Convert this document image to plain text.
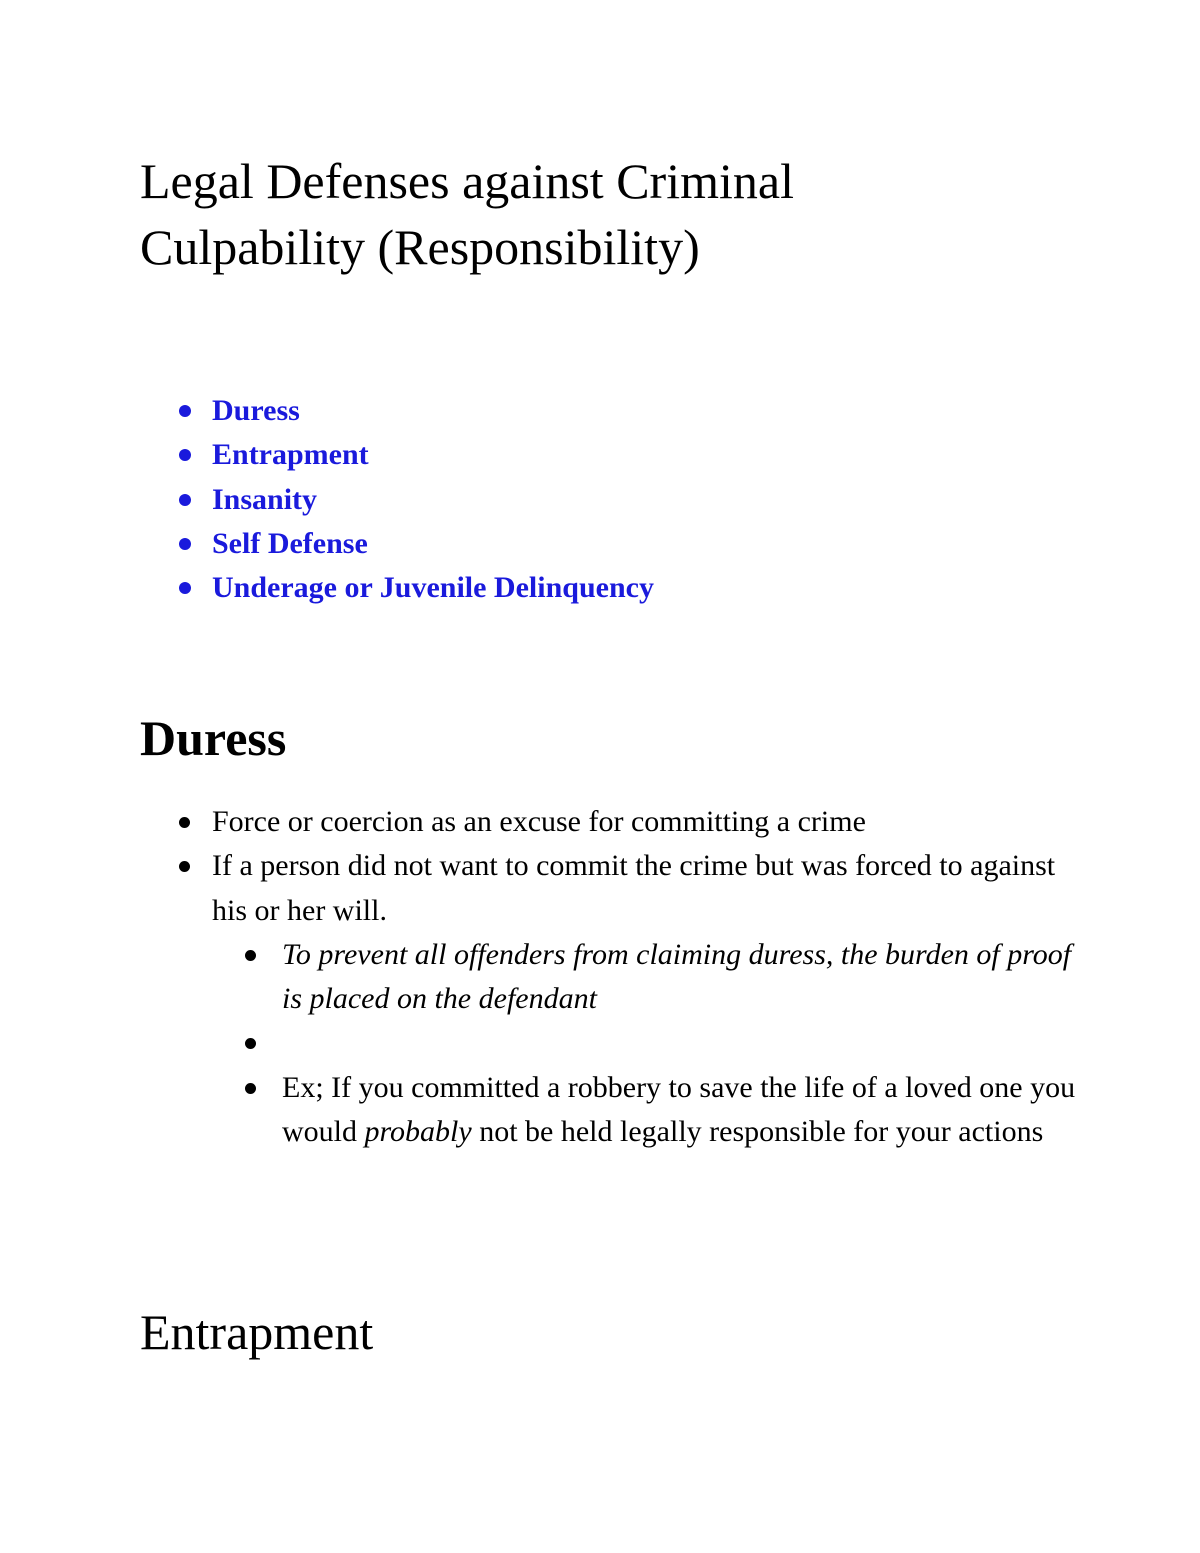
Legal Defenses against Criminal
Culpability (Responsibility)
Duress
Entrapment
Insanity
Self Defense
Underage or Juvenile Delinquency
Duress
Force or coercion as an excuse for committing a crime
If a person did not want to commit the crime but was forced to against his or her will.
To prevent all offenders from claiming duress, the burden of proof is placed on the defendant
Ex; If you committed a robbery to save the life of a loved one you would probably not be held legally responsible for your actions
Entrapment
